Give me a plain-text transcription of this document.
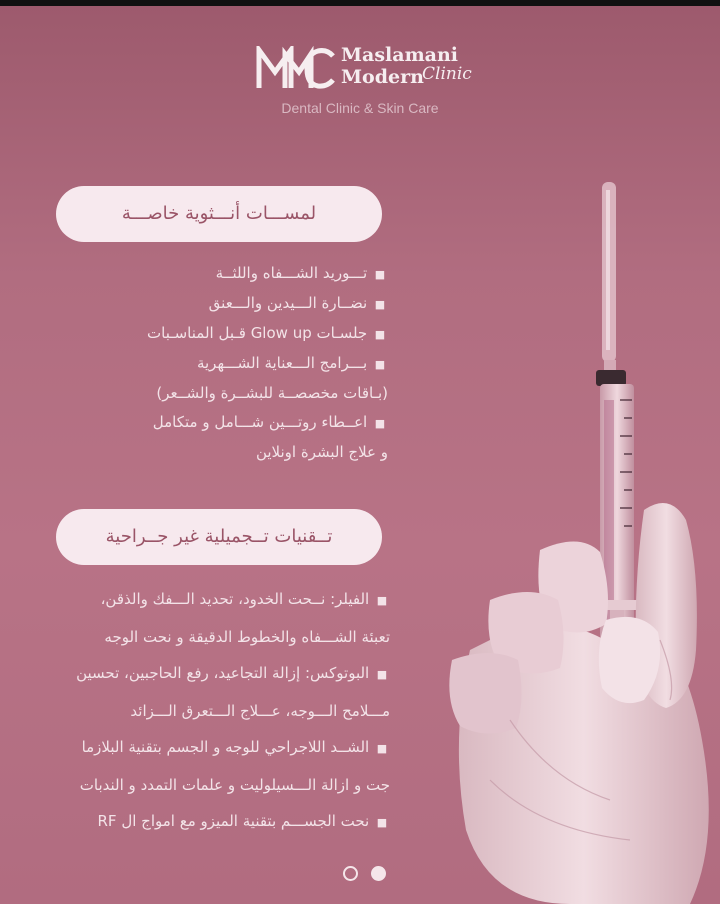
Maslamani
Modern
Clinic
Dental Clinic & Skin Care
لمســـات أنـــثوية خاصـــة
■ تـــوريد الشـــفاه واللثــة
■ نضــارة الـــيدين والـــعنق
■ جلسـات Glow up قـبل المناسـبات
■ بـــرامج الـــعناية الشـــهرية
(بـاقات مخصصــة للبشــرة والشــعر)
■ اعــطاء روتـــين شـــامل و متكامل
و علاج البشرة اونلاين
تــقنيات تــجميلية غير جــراحية
■ الفيلر: نــحت الخدود، تحديد الـــفك والذقن،
تعبئة الشـــفاه والخطوط الدقيقة و نحت الوجه
■ البوتوكس: إزالة التجاعيد، رفع الحاجبين، تحسين
مـــلامح الـــوجه، عـــلاج الـــتعرق الـــزائد
■ الشــد اللاجراحي للوجه و الجسم بتقنية البلازما
جت و ازالة الـــسيلوليت و علمات التمدد و الندبات
■ نحت الجســـم بتقنية الميزو مع امواج ال RF
